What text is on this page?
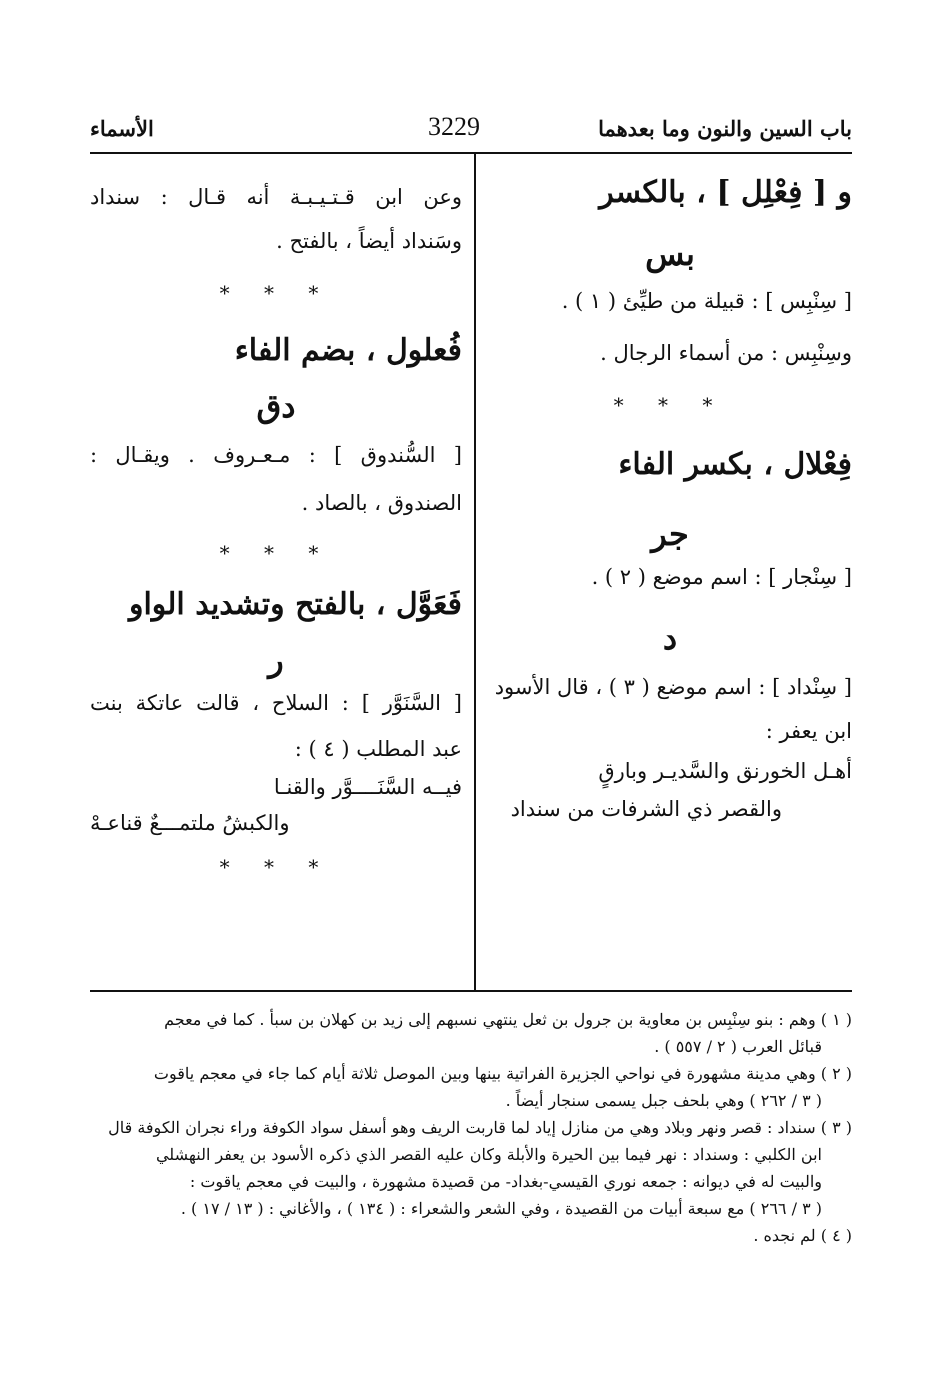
الأسماء	3229	باب السين والنون وما بعدهما

و [ فِعْلِل ] ، بالكسر

بس

[ سِنْبِس ] : قبيلة من طيِّئ ( ١ ) .

وسِنْبِس : من أسماء الرجال .

* * *

فِعْلال ، بكسر الفاء

جر

[ سِنْجار ] : اسم موضع ( ٢ ) .

د

[ سِنْداد ] : اسم موضع ( ٣ ) ، قال الأسود

ابن يعفر :

أهـل الخورنق والسَّديـر وبارقٍ

والقصر ذي الشرفات من سنداد

وعن ابن قـتـيـبـة أنه قـال : سنداد

وسَنداد أيضاً ، بالفتح .

* * *

فُعلول ، بضم الفاء

دق

[ السُّندوق ] : مـعـروف . ويقـال :

الصندوق ، بالصاد .

* * *

فَعَوَّل ، بالفتح وتشديد الواو

ر

[ السَّنَوَّر ] : السلاح ، قالت عاتكة بنت

عبد المطلب ( ٤ ) :

فيــه السَّنَــــوَّر والقنـا

والكبشُ ملتمـــعٌ قناعـهْ

* * *

( ١ ) وهم : بنو سِنْبِس بن معاوية بن جرول بن ثعل ينتهي نسبهم إلى زيد بن كهلان بن سبأ . كما في معجم

قبائل العرب ( ٢ / ٥٥٧ ) .

( ٢ ) وهي مدينة مشهورة في نواحي الجزيرة الفراتية بينها وبين الموصل ثلاثة أيام كما جاء في معجم ياقوت

( ٣ / ٢٦٢ ) وهي بلحف جبل يسمى سنجار أيضاً .

( ٣ ) سنداد : قصر ونهر وبلاد وهي من منازل إياد لما قاربت الريف وهو أسفل سواد الكوفة وراء نجران الكوفة قال

ابن الكلبي : وسنداد : نهر فيما بين الحيرة والأبلة وكان عليه القصر الذي ذكره الأسود بن يعفر النهشلي

والبيت له في ديوانه : جمعه نوري القيسي-بغداد- من قصيدة مشهورة ، والبيت في معجم ياقوت :

( ٣ / ٢٦٦ ) مع سبعة أبيات من القصيدة ، وفي الشعر والشعراء : ( ١٣٤ ) ، والأغاني : ( ١٣ / ١٧ ) .

( ٤ ) لم نجده .
